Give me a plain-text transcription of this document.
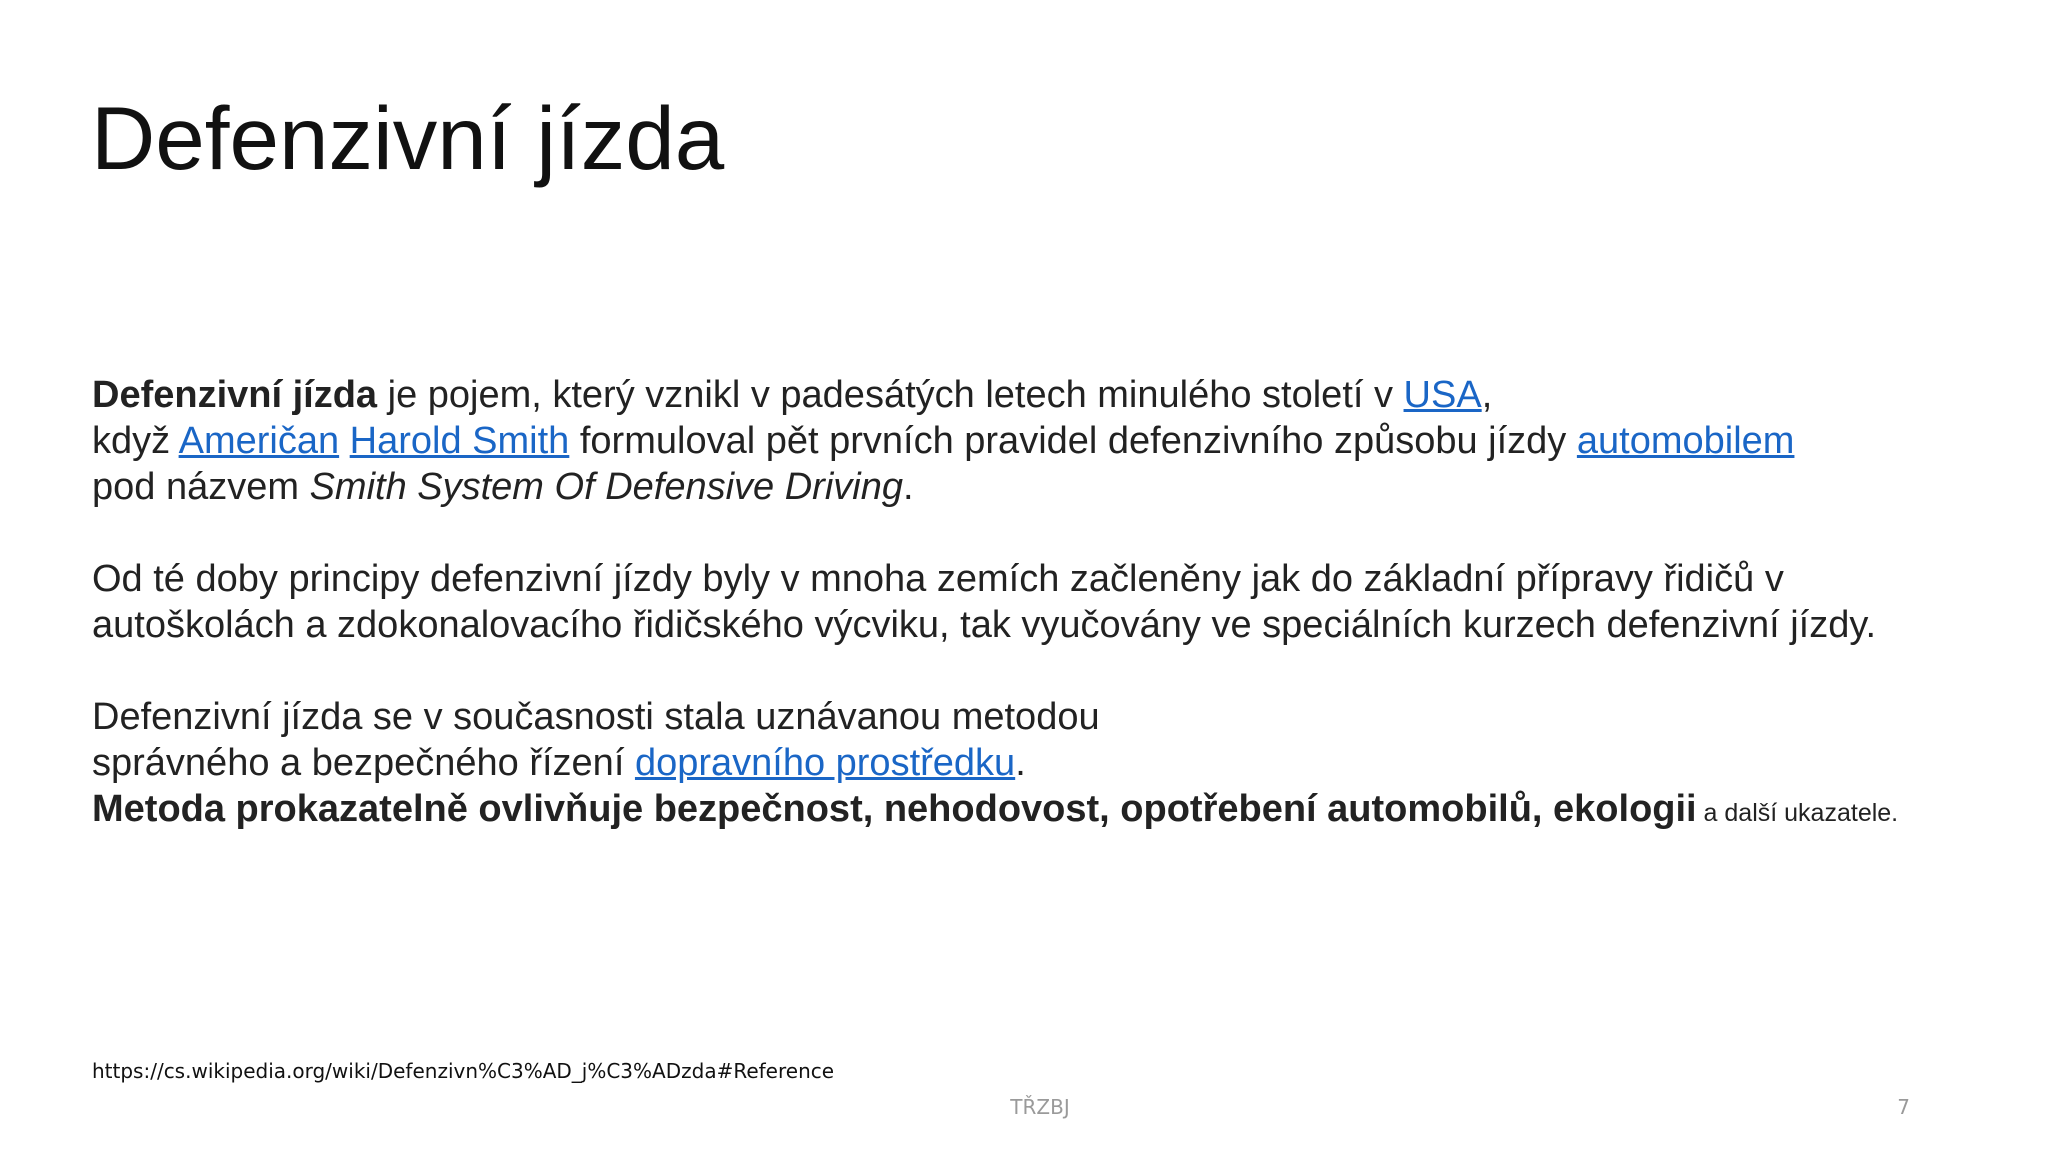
Defenzivní jízda

Defenzivní jízda je pojem, který vznikl v padesátých letech minulého století v USA,
když Američan Harold Smith formuloval pět prvních pravidel defenzivního způsobu jízdy automobilem
pod názvem Smith System Of Defensive Driving.

Od té doby principy defenzivní jízdy byly v mnoha zemích začleněny jak do základní přípravy řidičů v
autoškolách a zdokonalovacího řidičského výcviku, tak vyučovány ve speciálních kurzech defenzivní jízdy.

Defenzivní jízda se v současnosti stala uznávanou metodou
správného a bezpečného řízení dopravního prostředku.
Metoda prokazatelně ovlivňuje bezpečnost, nehodovost, opotřebení automobilů, ekologii a další ukazatele.

https://cs.wikipedia.org/wiki/Defenzivn%C3%AD_j%C3%ADzda#Reference
TŘZBJ	7
